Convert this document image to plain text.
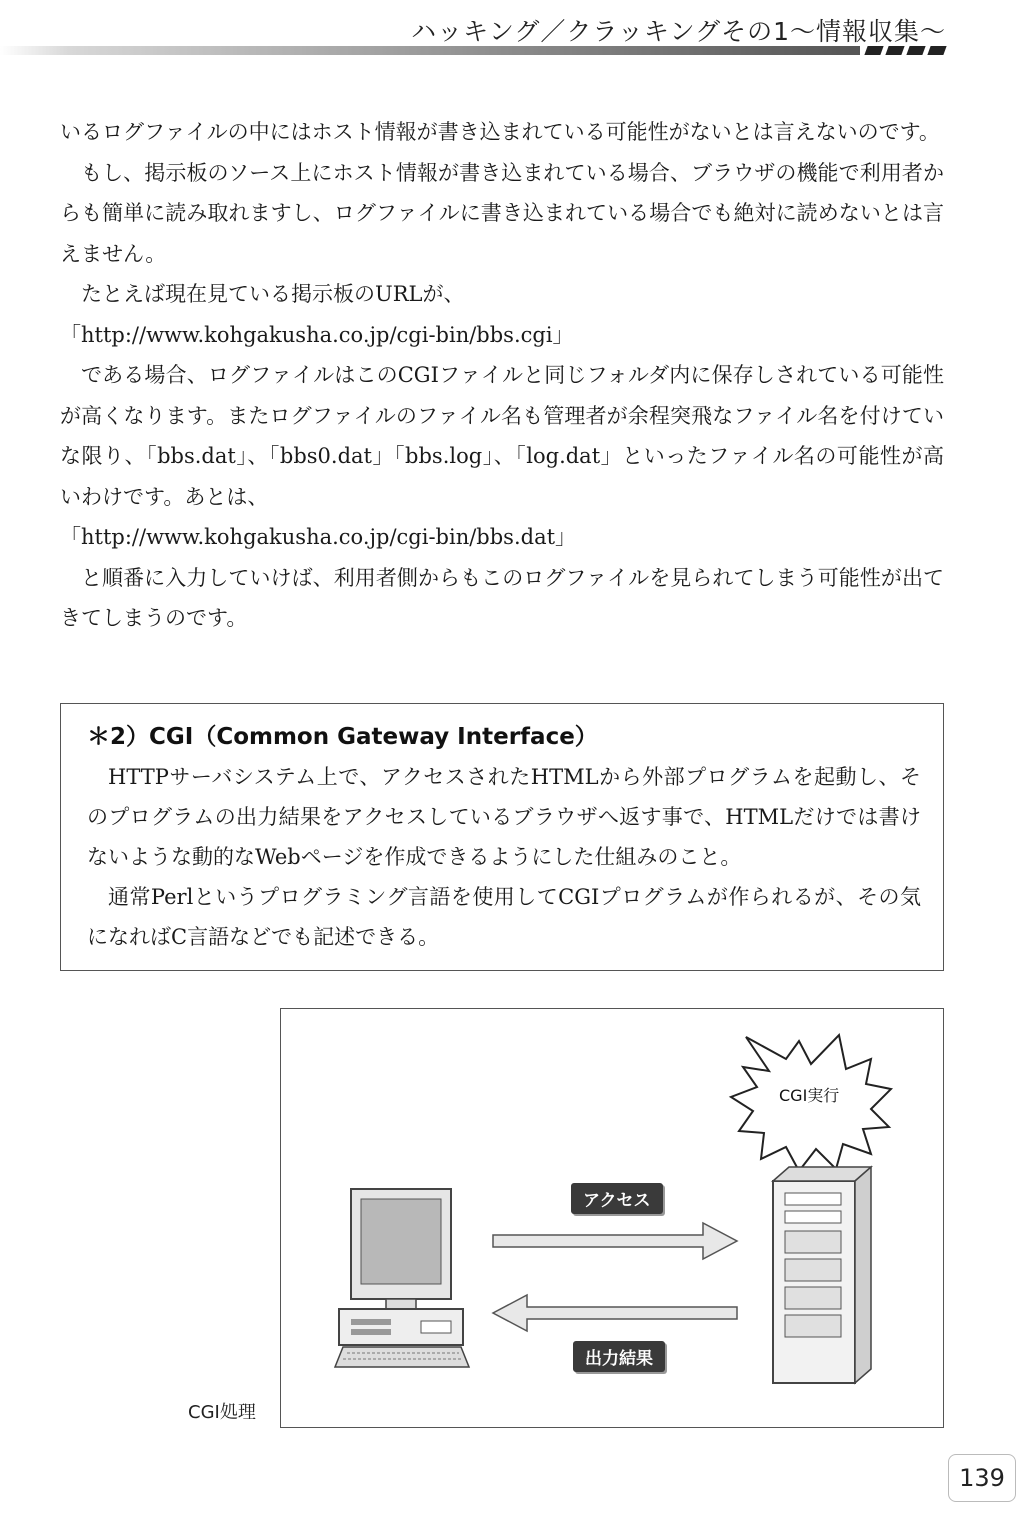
ハッキング／クラッキングその1〜情報収集〜

いるログファイルの中にはホスト情報が書き込まれている可能性がないとは言えないのです。

もし、掲示板のソース上にホスト情報が書き込まれている場合、ブラウザの機能で利用者からも簡単に読み取れますし、ログファイルに書き込まれている場合でも絶対に読めないとは言えません。

たとえば現在見ている掲示板のURLが、

「http://www.kohgakusha.co.jp/cgi-bin/bbs.cgi」

である場合、ログファイルはこのCGIファイルと同じフォルダ内に保存しされている可能性が高くなります。またログファイルのファイル名も管理者が余程突飛なファイル名を付けていな限り、「bbs.dat」、「bbs0.dat」「bbs.log」、「log.dat」といったファイル名の可能性が高いわけです。あとは、

「http://www.kohgakusha.co.jp/cgi-bin/bbs.dat」

と順番に入力していけば、利用者側からもこのログファイルを見られてしまう可能性が出てきてしまうのです。

＊2）CGI（Common Gateway Interface）

HTTPサーバシステム上で、アクセスされたHTMLから外部プログラムを起動し、そのプログラムの出力結果をアクセスしているブラウザへ返す事で、HTMLだけでは書けないような動的なWebページを作成できるようにした仕組みのこと。

通常Perlというプログラミング言語を使用してCGIプログラムが作られるが、その気になればC言語などでも記述できる。

CGI実行
アクセス
出力結果
CGI処理
139
